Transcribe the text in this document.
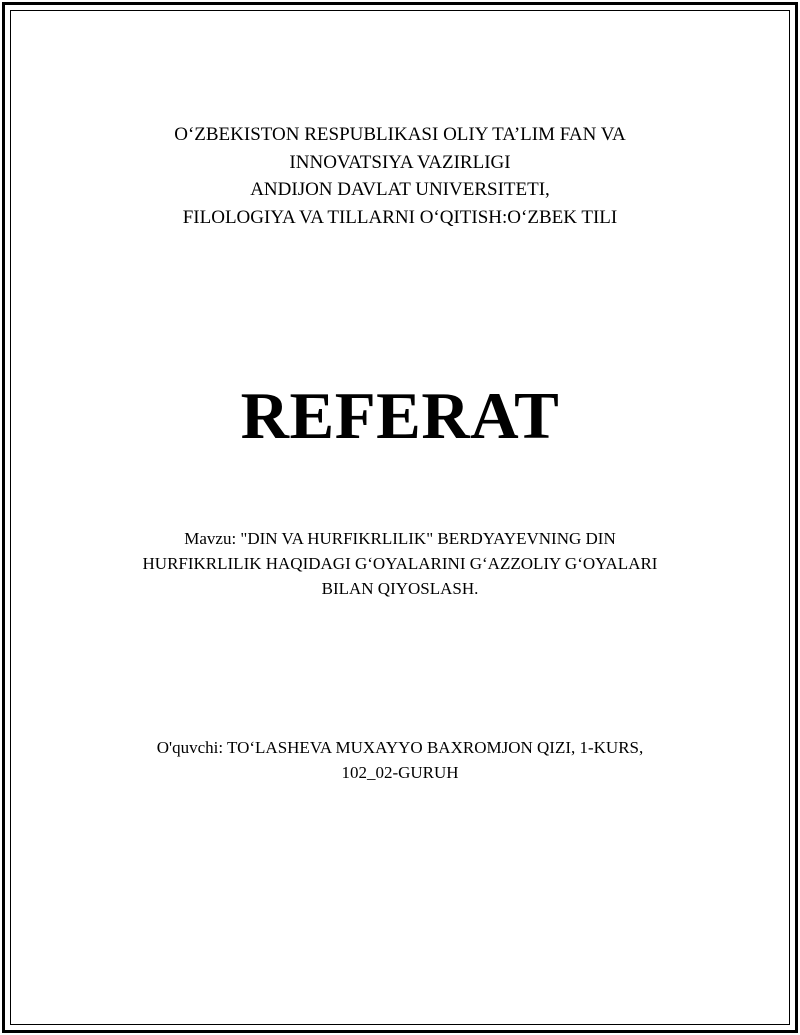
O‘ZBEKISTON RESPUBLIKASI OLIY TA’LIM FAN VA
INNOVATSIYA VAZIRLIGI
ANDIJON DAVLAT UNIVERSITETI,
FILOLOGIYA VA TILLARNI O‘QITISH:O‘ZBEK TILI
REFERAT
Mavzu: "DIN VA HURFIKRLILIK" BERDYAYEVNING DIN
HURFIKRLILIK HAQIDAGI G‘OYALARINI G‘AZZOLIY G‘OYALARI
BILAN QIYOSLASH.
O'quvchi: TO‘LASHEVA MUXAYYO BAXROMJON QIZI, 1-KURS,
102_02-GURUH
